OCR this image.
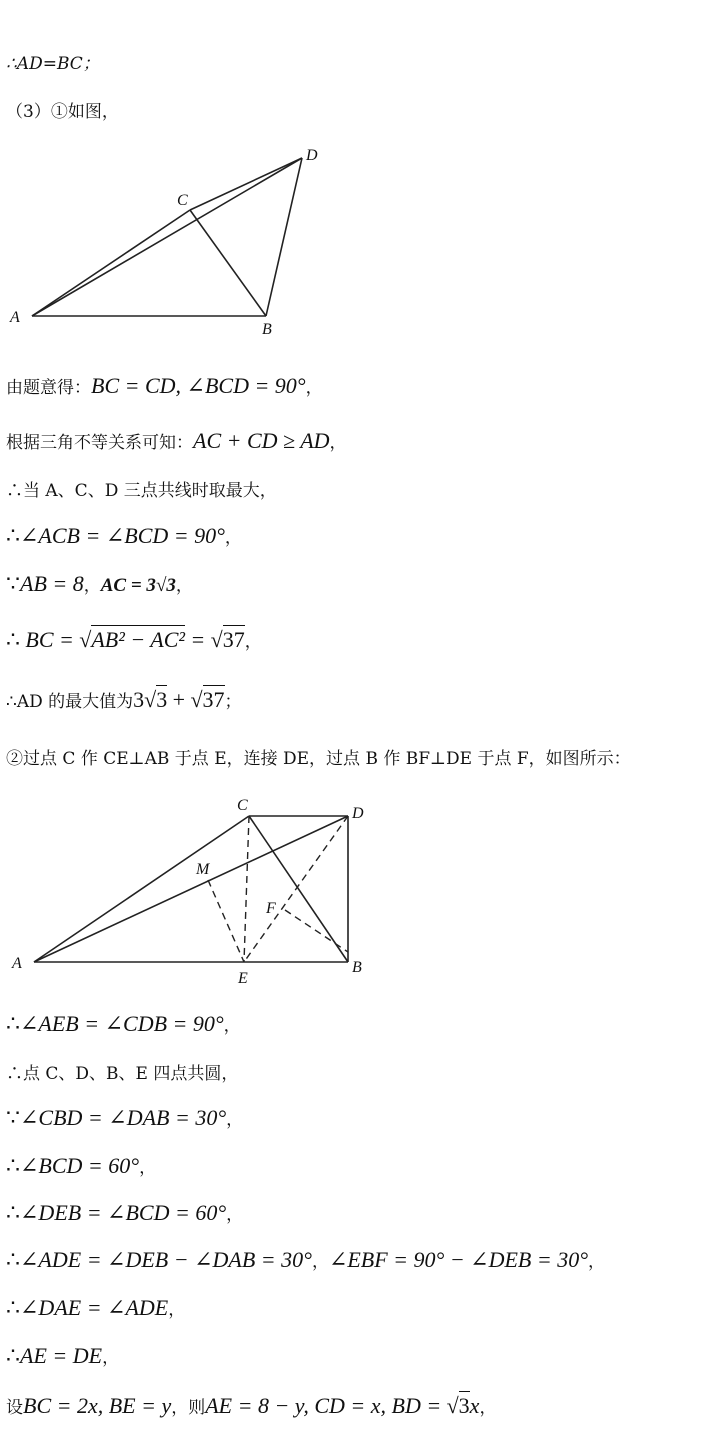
∴AD=BC；
（3）①如图，
A
B
C
D
由题意得：BC = CD, ∠BCD = 90°，
根据三角不等关系可知：AC + CD ≥ AD，
∴当 A、C、D 三点共线时取最大，
∴∠ACB = ∠BCD = 90°，
∵AB = 8，AC = 3√3，
∴ BC = √AB² − AC² = √37，
∴AD 的最大值为3√3 + √37；
②过点 C 作 CE⊥AB 于点 E，连接 DE，过点 B 作 BF⊥DE 于点 F，如图所示：
A	B
C	D
E
F
M
∴∠AEB = ∠CDB = 90°，
∴点 C、D、B、E 四点共圆，
∵∠CBD = ∠DAB = 30°，
∴∠BCD = 60°，
∴∠DEB = ∠BCD = 60°，
∴∠ADE = ∠DEB − ∠DAB = 30°，∠EBF = 90° − ∠DEB = 30°，
∴∠DAE = ∠ADE，
∴AE = DE，
设BC = 2x, BE = y，则AE = 8 − y, CD = x, BD = √3x，
